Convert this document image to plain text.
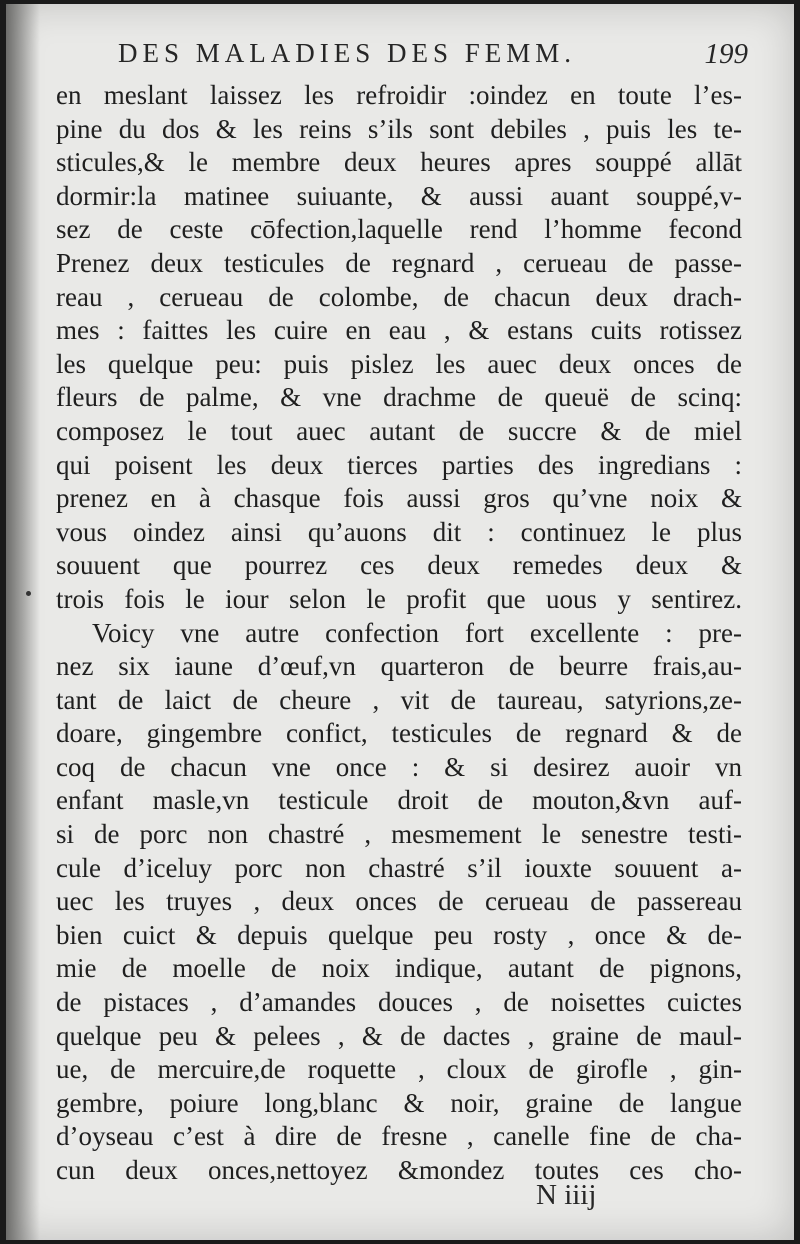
DES MALADIES DES FEMM.	199
en meslant laissez les refroidir :oindez en toute l’es-
pine du dos & les reins s’ils sont debiles , puis les te-
sticules,& le membre deux heures apres souppé allāt
dormir:la matinee suiuante, & aussi auant souppé,v-
sez de ceste cōfection,laquelle rend l’homme fecond
Prenez deux testicules de regnard , cerueau de passe-
reau , cerueau de colombe, de chacun deux drach-
mes : faittes les cuire en eau , & estans cuits rotissez
les quelque peu: puis pislez les auec deux onces de
fleurs de palme, & vne drachme de queuë de scinq:
composez le tout auec autant de succre & de miel
qui poisent les deux tierces parties des ingredians :
prenez en à chasque fois aussi gros qu’vne noix &
vous oindez ainsi qu’auons dit : continuez le plus
souuent que pourrez ces deux remedes deux &
trois fois le iour selon le profit que uous y sentirez.
Voicy vne autre confection fort excellente : pre-
nez six iaune d’œuf,vn quarteron de beurre frais,au-
tant de laict de cheure , vit de taureau, satyrions,ze-
doare, gingembre confict, testicules de regnard & de
coq de chacun vne once : & si desirez auoir vn
enfant masle,vn testicule droit de mouton,&vn auf-
si de porc non chastré , mesmement le senestre testi-
cule d’iceluy porc non chastré s’il iouxte souuent a-
uec les truyes , deux onces de cerueau de passereau
bien cuict & depuis quelque peu rosty , once & de-
mie de moelle de noix indique, autant de pignons,
de pistaces , d’amandes douces , de noisettes cuictes
quelque peu & pelees , & de dactes , graine de maul-
ue, de mercuire,de roquette , cloux de girofle , gin-
gembre, poiure long,blanc & noir, graine de langue
d’oyseau c’est à dire de fresne , canelle fine de cha-
cun deux onces,nettoyez &mondez toutes ces cho-
N iiij
